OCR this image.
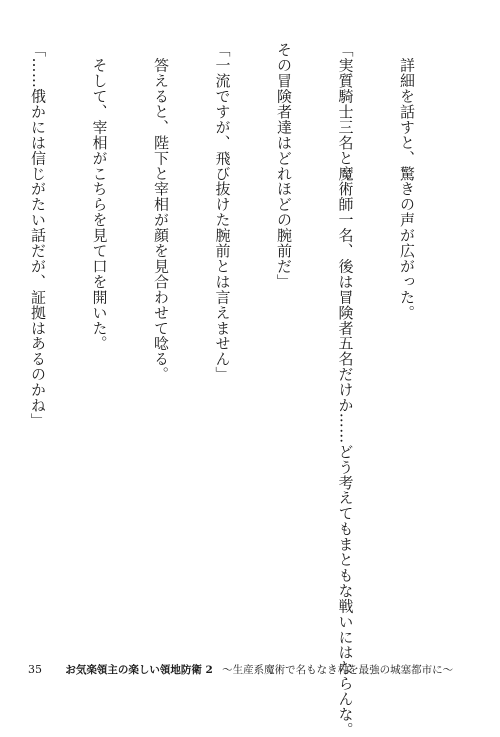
　詳細を話すと、驚きの声が広がった。

「実質騎士三名と魔術師一名、後は冒険者五名だけか……どう考えてもまともな戦いにはならんな。

その冒険者達はどれほどの腕前だ」

「一流ですが、飛び抜けた腕前とは言えません」

　答えると、陛下と宰相が顔を見合わせて唸る。

　そして、宰相がこちらを見て口を開いた。

「……俄かには信じがたい話だが、証拠はあるのかね」

35 お気楽領主の楽しい領地防衛 2 〜生産系魔術で名もなき村を最強の城塞都市に〜
